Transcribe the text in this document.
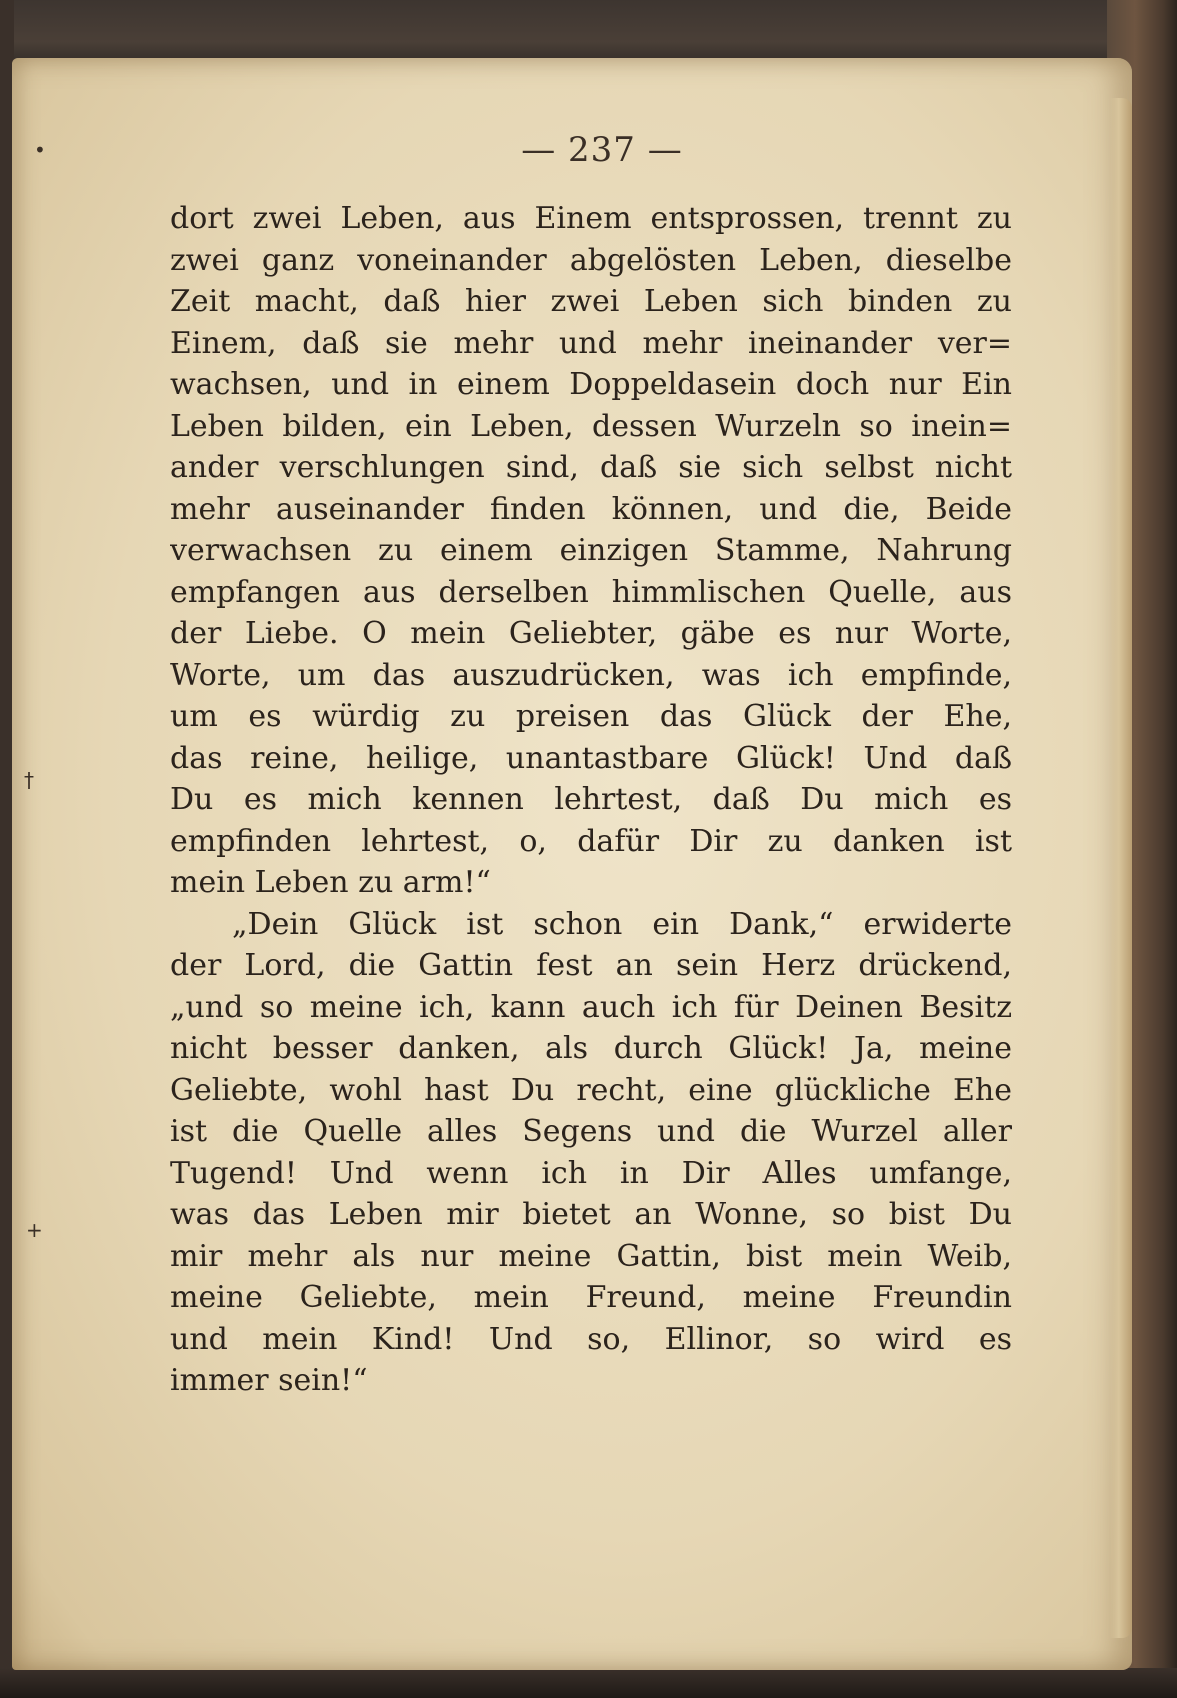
•
†
+
— 237 —
dort zwei Leben, aus Einem entsprossen, trennt zu
zwei ganz voneinander abgelösten Leben, dieselbe
Zeit macht, daß hier zwei Leben sich binden zu
Einem, daß sie mehr und mehr ineinander ver=
wachsen, und in einem Doppeldasein doch nur Ein
Leben bilden, ein Leben, dessen Wurzeln so inein=
ander verschlungen sind, daß sie sich selbst nicht
mehr auseinander finden können, und die, Beide
verwachsen zu einem einzigen Stamme, Nahrung
empfangen aus derselben himmlischen Quelle, aus
der Liebe. O mein Geliebter, gäbe es nur Worte,
Worte, um das auszudrücken, was ich empfinde,
um es würdig zu preisen das Glück der Ehe,
das reine, heilige, unantastbare Glück! Und daß
Du es mich kennen lehrtest, daß Du mich es
empfinden lehrtest, o, dafür Dir zu danken ist
mein Leben zu arm!“
„Dein Glück ist schon ein Dank,“ erwiderte
der Lord, die Gattin fest an sein Herz drückend,
„und so meine ich, kann auch ich für Deinen Besitz
nicht besser danken, als durch Glück! Ja, meine
Geliebte, wohl hast Du recht, eine glückliche Ehe
ist die Quelle alles Segens und die Wurzel aller
Tugend! Und wenn ich in Dir Alles umfange,
was das Leben mir bietet an Wonne, so bist Du
mir mehr als nur meine Gattin, bist mein Weib,
meine Geliebte, mein Freund, meine Freundin
und mein Kind! Und so, Ellinor, so wird es
immer sein!“
